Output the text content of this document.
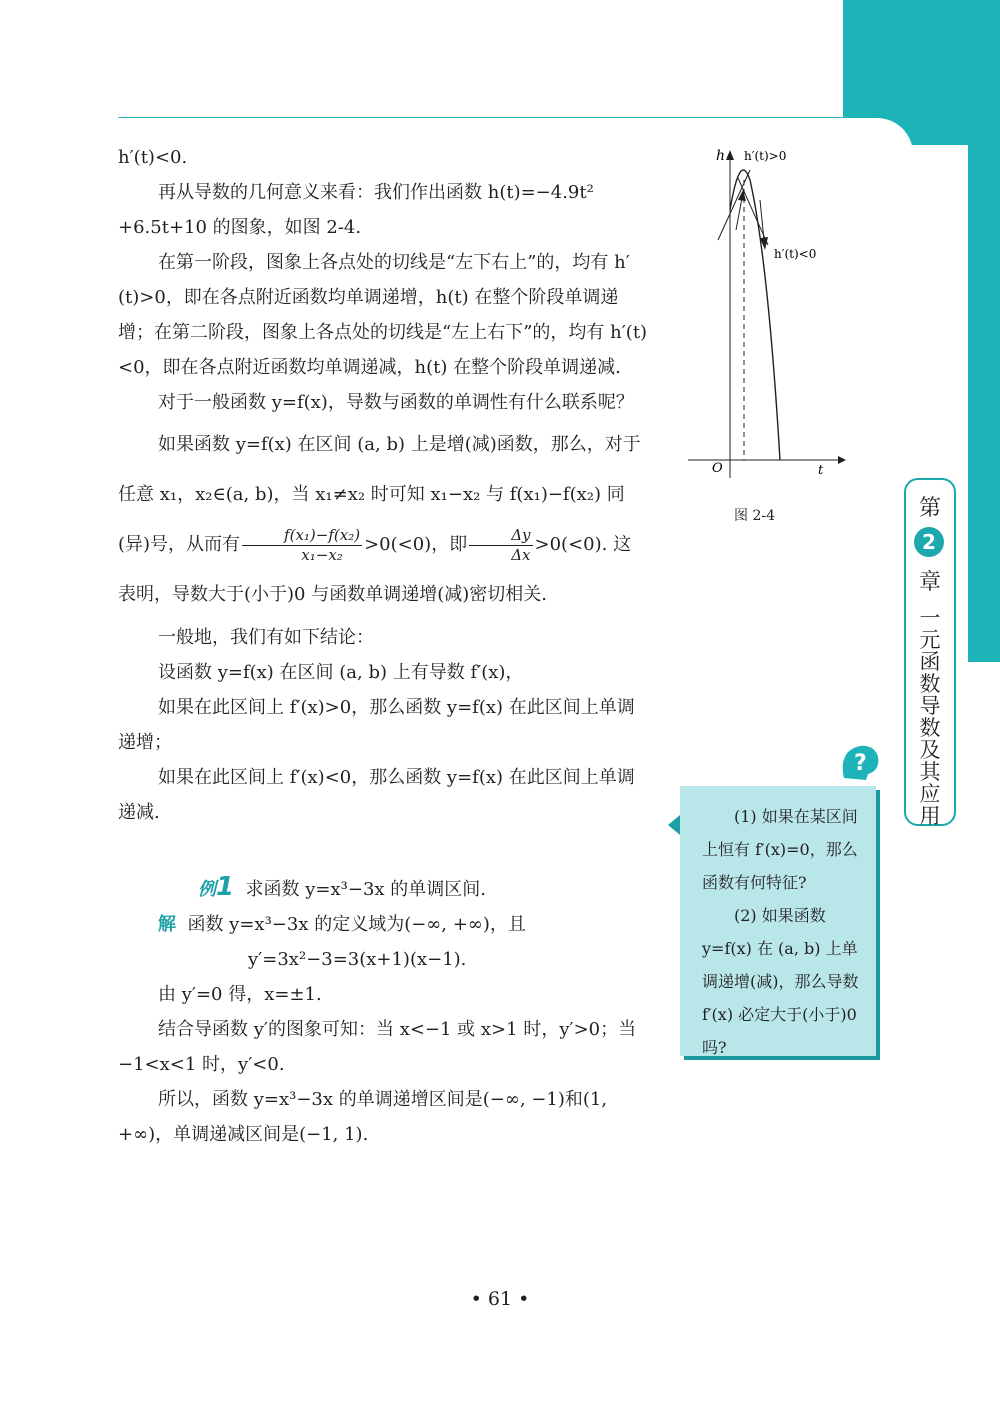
第
2
章
一
元
函
数
导
数
及
其
应
用

h′(t)<0.

再从导数的几何意义来看：我们作出函数 h(t)=−4.9t² +6.5t+10 的图象，如图 2-4.

在第一阶段，图象上各点处的切线是“左下右上”的，均有 h′(t)>0，即在各点附近函数均单调递增，h(t) 在整个阶段单调递增；在第二阶段，图象上各点处的切线是“左上右下”的，均有 h′(t)<0，即在各点附近函数均单调递减，h(t) 在整个阶段单调递减.

对于一般函数 y=f(x)，导数与函数的单调性有什么联系呢？

如果函数 y=f(x) 在区间 (a, b) 上是增(减)函数，那么，对于任意 x₁，x₂∈(a, b)，当 x₁≠x₂ 时可知 x₁−x₂ 与 f(x₁)−f(x₂) 同(异)号，从而有 $\frac{\text{f(x₁)−f(x₂)}}{\text{x₁−x₂}} >0(<0)$，即 $\frac{\Delta y}{\Delta x} >0(<0)$. 这表明，导数大于(小于)0 与函数单调递增(减)密切相关.

一般地，我们有如下结论：

设函数 y=f(x) 在区间 (a, b) 上有导数 f′(x)，

如果在此区间上 f′(x)>0，那么函数 y=f(x) 在此区间上单调递增；

如果在此区间上 f′(x)<0，那么函数 y=f(x) 在此区间上单调递减.

例1 求函数 y=x³−3x 的单调区间.

解 函数 y=x³−3x 的定义域为(−∞, +∞)，且

y′=3x²−3=3(x+1)(x−1).

由 y′=0 得，x=±1.

结合导函数 y′的图象可知：当 x<−1 或 x>1 时，y′>0；当−1<x<1 时，y′<0.

所以，函数 y=x³−3x 的单调递增区间是(−∞, −1)和(1, +∞)，单调递减区间是(−1, 1).

h h′(t)>0
h′(t)<0
O	t
图 2-4
?

(1) 如果在某区间上恒有 f′(x)=0，那么函数有何特征?

(2) 如果函数 y=f(x) 在 (a, b) 上单调递增(减)，那么导数 f′(x) 必定大于(小于)0 吗?

• 61 •
